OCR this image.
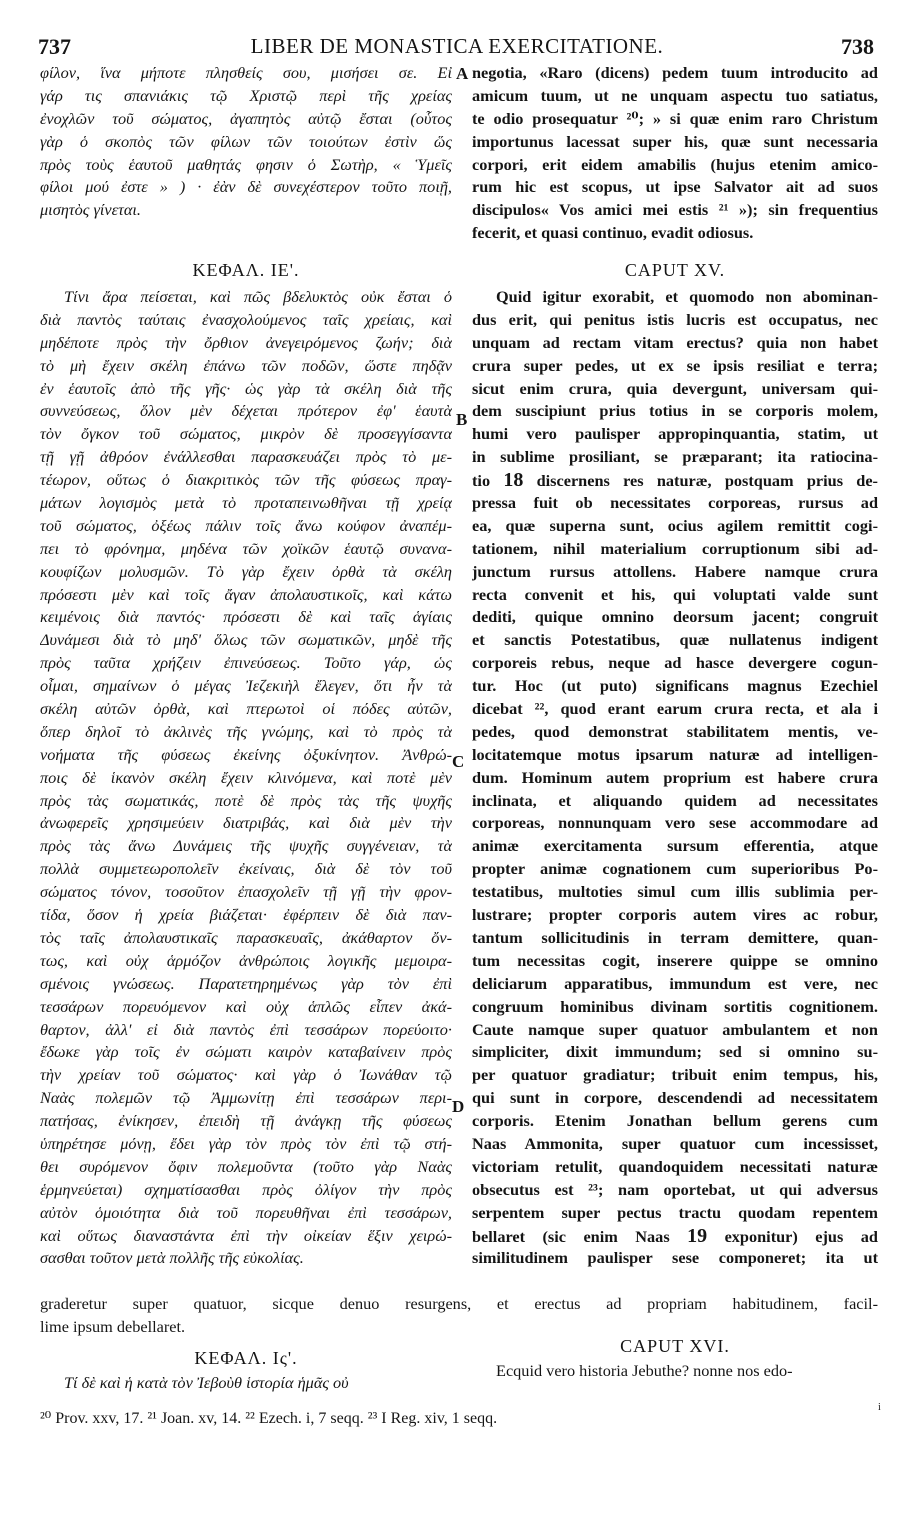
737	LIBER DE MONASTICA EXERCITATIONE.	738
φίλον, ἵνα μήποτε πλησθείς σου, μισήσει σε. Εἰ
γάρ τις σπανιάκις τῷ Χριστῷ περὶ τῆς χρείας
ἐνοχλῶν τοῦ σώματος, ἀγαπητὸς αὐτῷ ἔσται (οὗτος
γὰρ ὁ σκοπὸς τῶν φίλων τῶν τοιούτων ἐστὶν ὥς
πρὸς τοὺς ἑαυτοῦ μαθητάς φησιν ὁ Σωτὴρ, « Ὑμεῖς
φίλοι μού ἐστε » ) · ἐὰν δὲ συνεχέστερον τοῦτο ποιῇ,
μισητὸς γίνεται.
negotia, «Raro (dicens) pedem tuum introducito ad
amicum tuum, ut ne unquam aspectu tuo satiatus,
te odio prosequatur ²⁰; » si quæ enim raro Christum
importunus lacessat super his, quæ sunt necessaria
corpori, erit eidem amabilis (hujus etenim amico-
rum hic est scopus, ut ipse Salvator ait ad suos
discipulos« Vos amici mei estis ²¹ »); sin frequentius
fecerit, et quasi continuo, evadit odiosus.
ΚΕΦΑΛ. ΙΕ'.	CAPUT XV.
Τίνι ἄρα πείσεται, καὶ πῶς βδελυκτὸς οὐκ ἔσται ὁ
διὰ παντὸς ταύταις ἐνασχολούμενος ταῖς χρείαις, καὶ
μηδέποτε πρὸς τὴν ὄρθιον ἀνεγειρόμενος ζωήν; διὰ
τὸ μὴ ἔχειν σκέλη ἐπάνω τῶν ποδῶν, ὥστε πηδᾷν
ἐν ἑαυτοῖς ἀπὸ τῆς γῆς· ὡς γὰρ τὰ σκέλη διὰ τῆς
συννεύσεως, ὅλον μὲν δέχεται πρότερον ἐφ' ἑαυτὰ
τὸν ὄγκον τοῦ σώματος, μικρὸν δὲ προσεγγίσαντα
τῇ γῇ ἀθρόον ἐνάλλεσθαι παρασκευάζει πρὸς τὸ με-
τέωρον, οὕτως ὁ διακριτικὸς τῶν τῆς φύσεως πραγ-
μάτων λογισμὸς μετὰ τὸ προταπεινωθῆναι τῇ χρείᾳ
τοῦ σώματος, ὀξέως πάλιν τοῖς ἄνω κούφον ἀναπέμ-
πει τὸ φρόνημα, μηδένα τῶν χοϊκῶν ἑαυτῷ συνανα-
κουφίζων μολυσμῶν. Τὸ γὰρ ἔχειν ὀρθὰ τὰ σκέλη
πρόσεστι μὲν καὶ τοῖς ἄγαν ἀπολαυστικοῖς, καὶ κάτω
κειμένοις διὰ παντός· πρόσεστι δὲ καὶ ταῖς ἁγίαις
Δυνάμεσι διὰ τὸ μηδ' ὅλως τῶν σωματικῶν, μηδὲ τῆς
πρὸς ταῦτα χρήζειν ἐπινεύσεως. Τοῦτο γάρ, ὡς
οἶμαι, σημαίνων ὁ μέγας Ἰεζεκιὴλ ἔλεγεν, ὅτι ἦν τὰ
σκέλη αὐτῶν ὀρθὰ, καὶ πτερωτοὶ οἱ πόδες αὐτῶν,
ὅπερ δηλοῖ τὸ ἀκλινὲς τῆς γνώμης, καὶ τὸ πρὸς τὰ
νοήματα τῆς φύσεως ἐκείνης ὀξυκίνητον. Ἀνθρώ-
ποις δὲ ἱκανὸν σκέλη ἔχειν κλινόμενα, καὶ ποτὲ μὲν
πρὸς τὰς σωματικάς, ποτὲ δὲ πρὸς τὰς τῆς ψυχῆς
ἀνωφερεῖς χρησιμεύειν διατριβάς, καὶ διὰ μὲν τὴν
πρὸς τὰς ἄνω Δυνάμεις τῆς ψυχῆς συγγένειαν, τὰ
πολλὰ συμμετεωροπολεῖν ἐκείναις, διὰ δὲ τὸν τοῦ
σώματος τόνον, τοσοῦτον ἐπασχολεῖν τῇ γῇ τὴν φρον-
τίδα, ὅσον ἡ χρεία βιάζεται· ἐφέρπειν δὲ διὰ παν-
τὸς ταῖς ἀπολαυστικαῖς παρασκευαῖς, ἀκάθαρτον ὄν-
τως, καὶ οὐχ ἁρμόζον ἀνθρώποις λογικῆς μεμοιρα-
σμένοις γνώσεως. Παρατετηρημένως γὰρ τὸν ἐπὶ
τεσσάρων πορευόμενον καὶ οὐχ ἁπλῶς εἶπεν ἀκά-
θαρτον, ἀλλ' εἰ διὰ παντὸς ἐπὶ τεσσάρων πορεύοιτο·
ἔδωκε γὰρ τοῖς ἐν σώματι καιρὸν καταβαίνειν πρὸς
τὴν χρείαν τοῦ σώματος· καὶ γὰρ ὁ Ἰωνάθαν τῷ
Ναὰς πολεμῶν τῷ Ἀμμωνίτῃ ἐπὶ τεσσάρων περι-
πατήσας, ἐνίκησεν, ἐπειδὴ τῇ ἀνάγκῃ τῆς φύσεως
ὑπηρέτησε μόνῃ, ἔδει γὰρ τὸν πρὸς τὸν ἐπὶ τῷ στή-
θει συρόμενον ὄφιν πολεμοῦντα (τοῦτο γὰρ Ναὰς
ἑρμηνεύεται) σχηματίσασθαι πρὸς ὀλίγον τὴν πρὸς
αὐτὸν ὁμοιότητα διὰ τοῦ πορευθῆναι ἐπὶ τεσσάρων,
καὶ οὕτως διαναστάντα ἐπὶ τὴν οἰκείαν ἕξιν χειρώ-
σασθαι τοῦτον μετὰ πολλῆς τῆς εὐκολίας.
Quid igitur exorabit, et quomodo non abominan-
dus erit, qui penitus istis lucris est occupatus, nec
unquam ad rectam vitam erectus? quia non habet
crura super pedes, ut ex se ipsis resiliat e terra;
sicut enim crura, quia devergunt, universam qui-
dem suscipiunt prius totius in se corporis molem,
humi vero paulisper appropinquantia, statim, ut
in sublime prosiliant, se præparant; ita ratiocina-
tio 18 discernens res naturæ, postquam prius de-
pressa fuit ob necessitates corporeas, rursus ad
ea, quæ superna sunt, ocius agilem remittit cogi-
tationem, nihil materialium corruptionum sibi ad-
junctum rursus attollens. Habere namque crura
recta convenit et his, qui voluptati valde sunt
dediti, quique omnino deorsum jacent; congruit
et sanctis Potestatibus, quæ nullatenus indigent
corporeis rebus, neque ad hasce devergere cogun-
tur. Hoc (ut puto) significans magnus Ezechiel
dicebat ²², quod erant earum crura recta, et ala i
pedes, quod demonstrat stabilitatem mentis, ve-
locitatemque motus ipsarum naturæ ad intelligen-
dum. Hominum autem proprium est habere crura
inclinata, et aliquando quidem ad necessitates
corporeas, nonnunquam vero sese accommodare ad
animæ exercitamenta sursum efferentia, atque
propter animæ cognationem cum superioribus Po-
testatibus, multoties simul cum illis sublimia per-
lustrare; propter corporis autem vires ac robur,
tantum sollicitudinis in terram demittere, quan-
tum necessitas cogit, inserere quippe se omnino
deliciarum apparatibus, immundum est vere, nec
congruum hominibus divinam sortitis cognitionem.
Caute namque super quatuor ambulantem et non
simpliciter, dixit immundum; sed si omnino su-
per quatuor gradiatur; tribuit enim tempus, his,
qui sunt in corpore, descendendi ad necessitatem
corporis. Etenim Jonathan bellum gerens cum
Naas Ammonita, super quatuor cum incessisset,
victoriam retulit, quandoquidem necessitati naturæ
obsecutus est ²³; nam oportebat, ut qui adversus
serpentem super pectus tractu quodam repentem
bellaret (sic enim Naas 19 exponitur) ejus ad
similitudinem paulisper sese componeret; ita ut
graderetur super quatuor, sicque denuo resurgens, et erectus ad propriam habitudinem, facil-
lime ipsum debellaret.
ΚΕΦΑΛ. Ις'.
CAPUT XVI.
Τί δὲ καὶ ἡ κατὰ τὸν Ἰεβοὺθ ἱστορία ἡμᾶς οὐ
Ecquid vero historia Jebuthe? nonne nos edo-
A
B
C
D
²⁰ Prov. xxv, 17. ²¹ Joan. xv, 14. ²² Ezech. i, 7 seqq. ²³ I Reg. xiv, 1 seqq.
i
